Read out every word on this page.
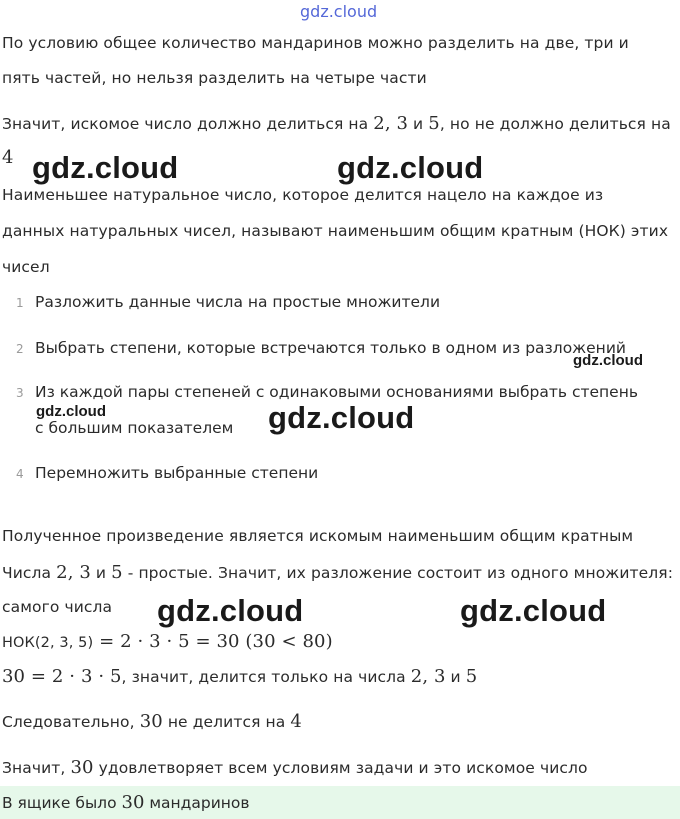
gdz.cloud
По условию общее количество мандаринов можно разделить на две, три и
пять частей, но нельзя разделить на четыре части
Значит, искомое число должно делиться на 2, 3 и 5, но не должно делиться на
4 gdz.cloud	gdz.cloud
Наименьшее натуральное число, которое делится нацело на каждое из
данных натуральных чисел, называют наименьшим общим кратным (НОК) этих
чисел
1 Разложить данные числа на простые множители
2 Выбрать степени, которые встречаются только в одном из разложений
gdz.cloud
3 Из каждой пары степеней с одинаковыми основаниями выбрать степень
gdz.cloud
с большим показателем gdz.cloud
4 Перемножить выбранные степени
Полученное произведение является искомым наименьшим общим кратным
Числа 2, 3 и 5 - простые. Значит, их разложение состоит из одного множителя:
самого числа gdz.cloud	gdz.cloud
НОК(2, 3, 5) = 2 · 3 · 5 = 30 (30 < 80)
30 = 2 · 3 · 5, значит, делится только на числа 2, 3 и 5
Следовательно, 30 не делится на 4
Значит, 30 удовлетворяет всем условиям задачи и это искомое число
В ящике было 30 мандаринов
